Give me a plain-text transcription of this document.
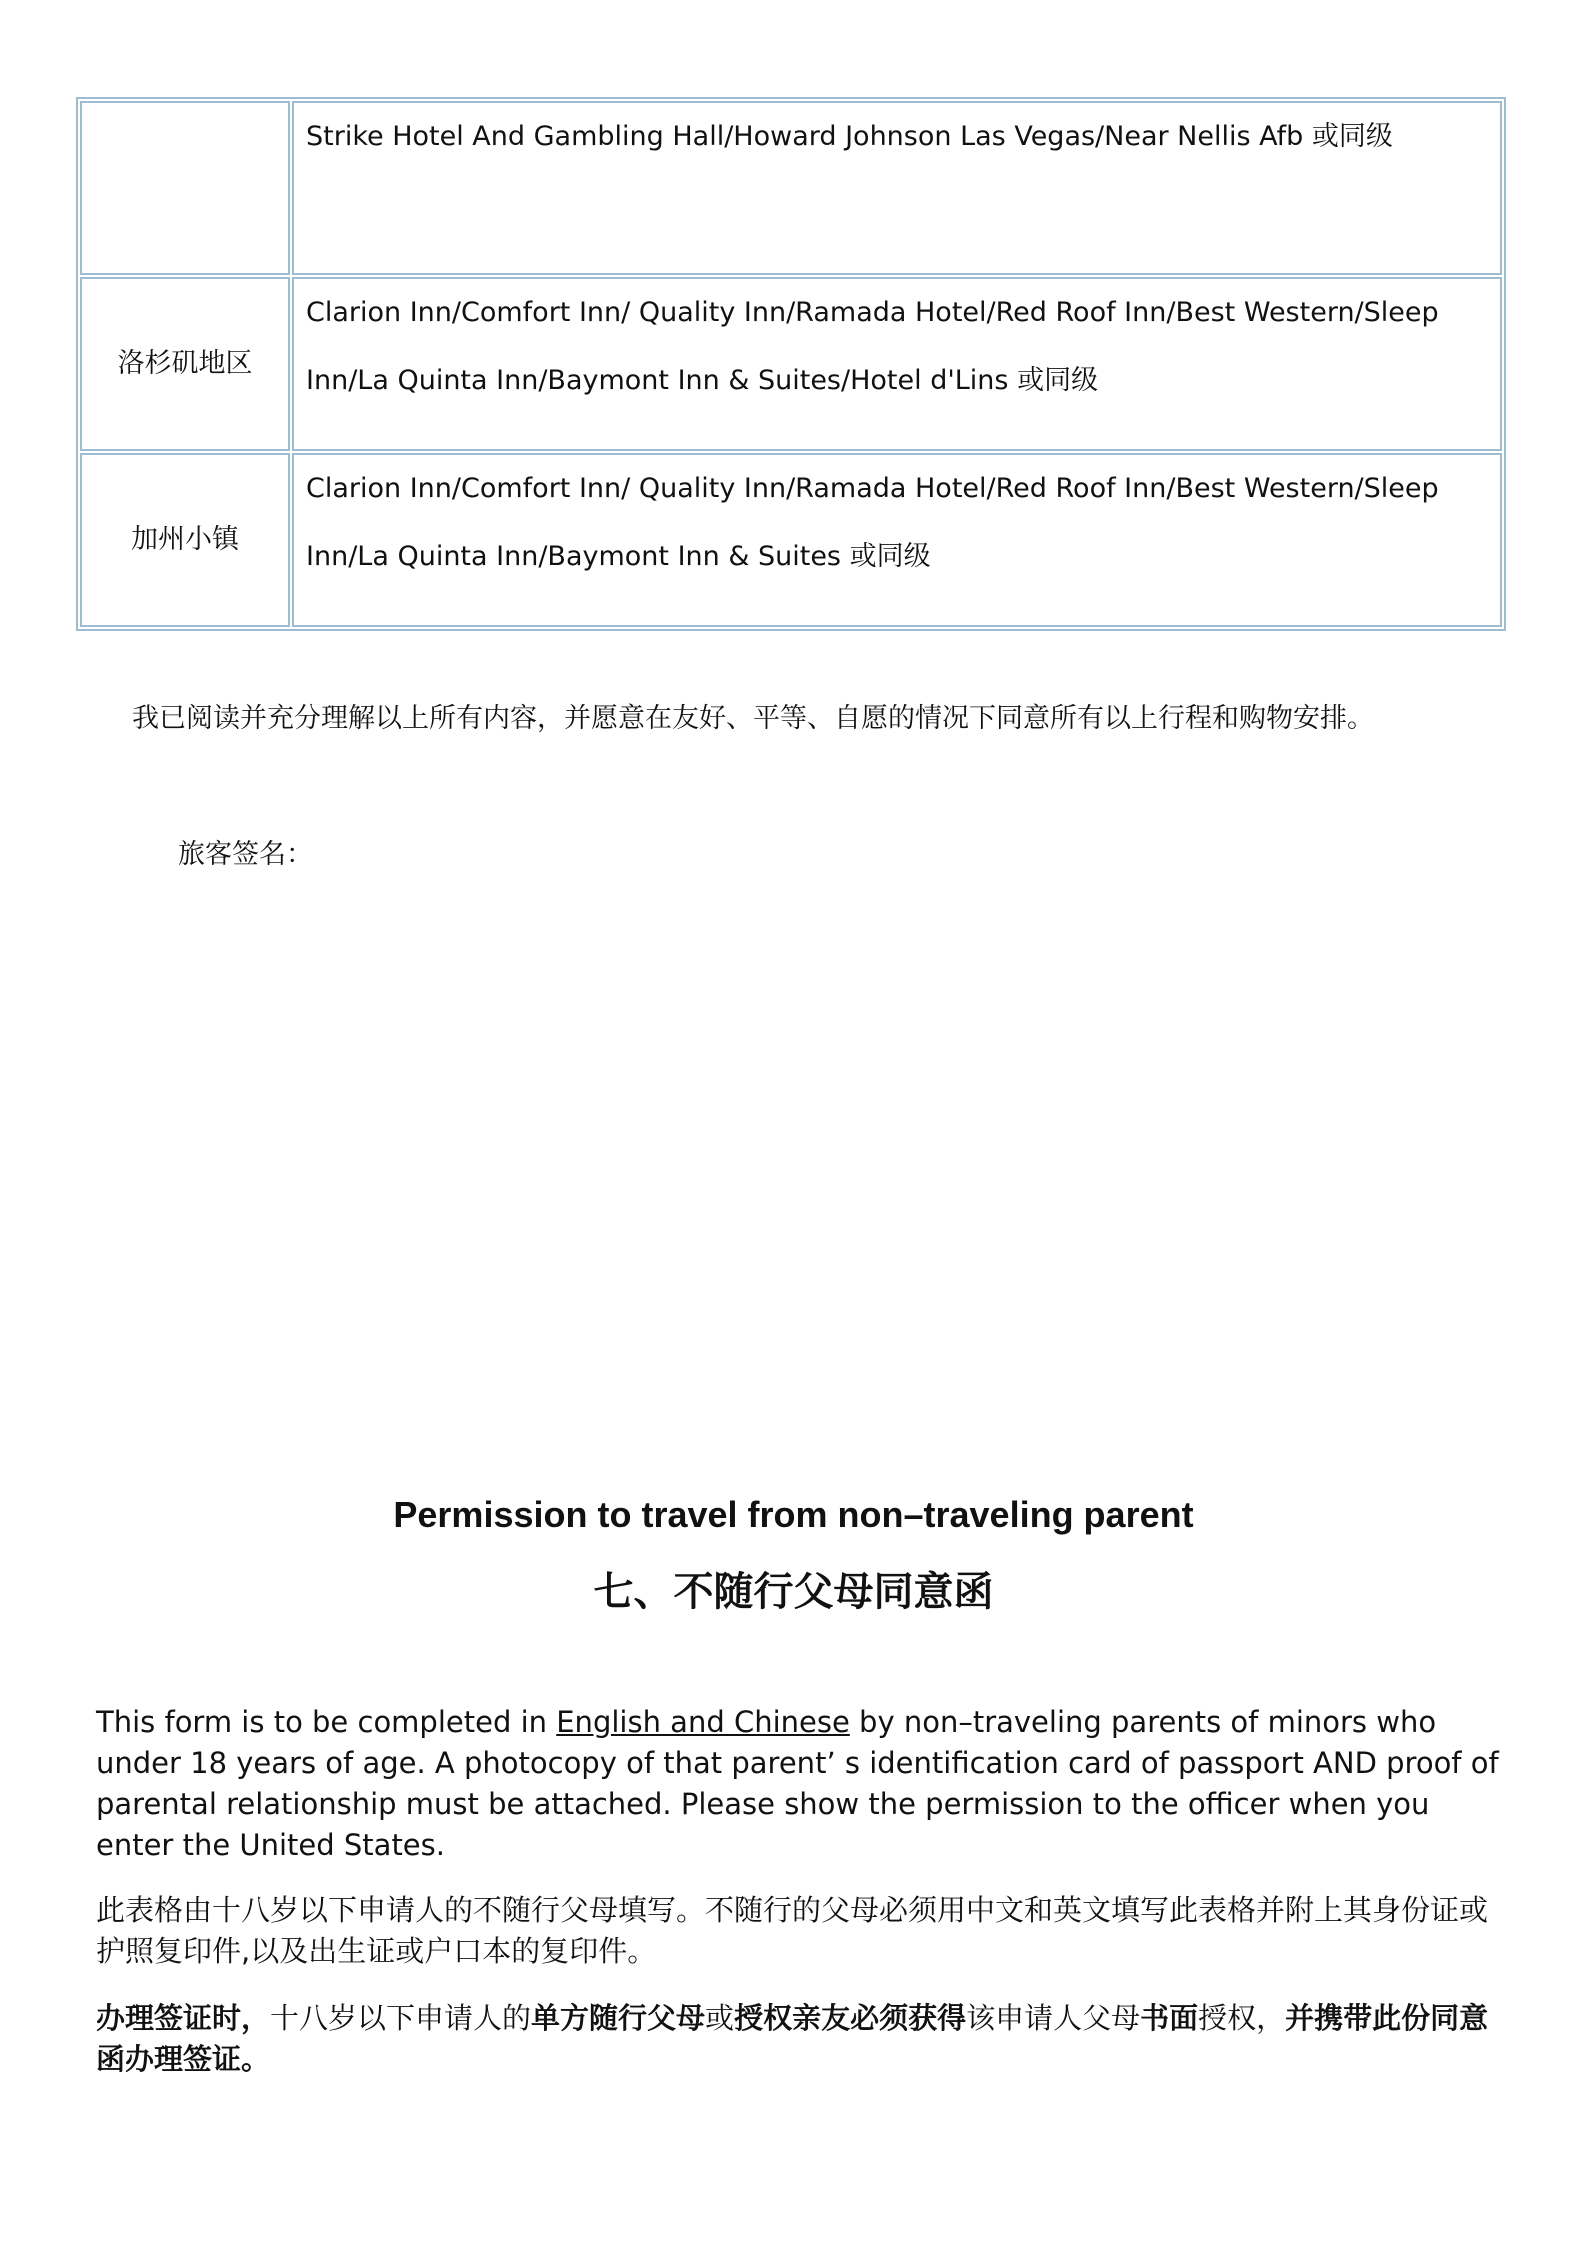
	Strike Hotel And Gambling Hall/Howard Johnson Las Vegas/Near Nellis Afb 或同级

洛杉矶地区	Clarion Inn/Comfort Inn/ Quality Inn/Ramada Hotel/Red Roof Inn/Best Western/Sleep
Inn/La Quinta Inn/Baymont Inn & Suites/Hotel d'Lins 或同级

加州小镇	Clarion Inn/Comfort Inn/ Quality Inn/Ramada Hotel/Red Roof Inn/Best Western/Sleep
Inn/La Quinta Inn/Baymont Inn & Suites 或同级
我已阅读并充分理解以上所有内容，并愿意在友好、平等、自愿的情况下同意所有以上行程和购物安排。
旅客签名：
Permission to travel from non–traveling parent
七、不随行父母同意函

This form is to be completed in English and Chinese by non–traveling parents of minors who under 18 years of age. A photocopy of that parent’ s identification card of passport AND proof of parental relationship must be attached. Please show the permission to the officer when you enter the United States.

此表格由十八岁以下申请人的不随行父母填写。不随行的父母必须用中文和英文填写此表格并附上其身份证或护照复印件,以及出生证或户口本的复印件。

办理签证时，十八岁以下申请人的单方随行父母或授权亲友必须获得该申请人父母书面授权，并携带此份同意函办理签证。
